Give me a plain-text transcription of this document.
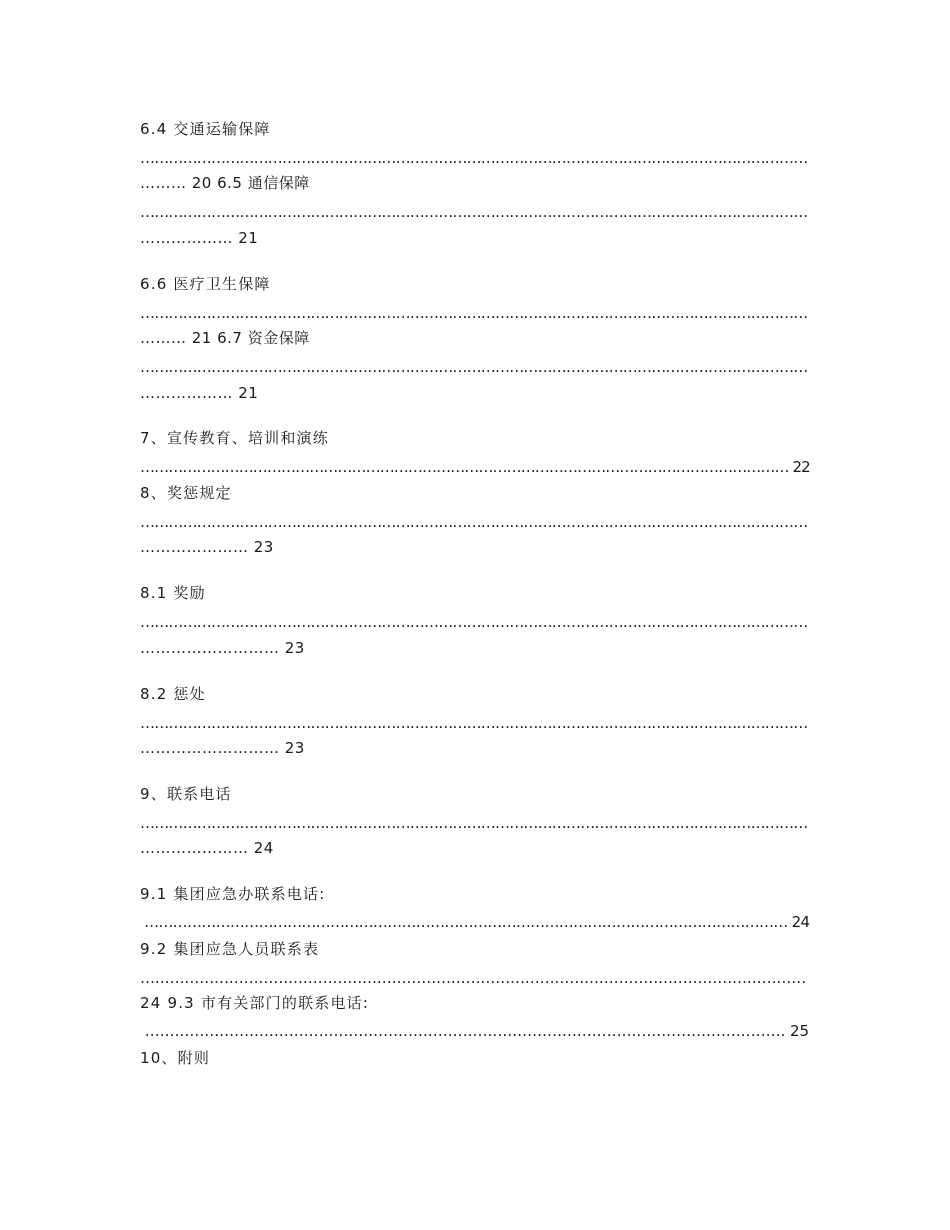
6.4 交通运输保障

……………………………………………………………………………………………………………………………

……… 20 6.5 通信保障

……………………………………………………………………………………………………………………………

……………… 21

6.6 医疗卫生保障

……………………………………………………………………………………………………………………………

……… 21 6.7 资金保障

……………………………………………………………………………………………………………………………

……………… 21

7、宣传教育、培训和演练

………………………………………………………………………………………………………………………… 22

8、奖惩规定

……………………………………………………………………………………………………………………………

………………… 23

8.1 奖励

……………………………………………………………………………………………………………………………

……………………… 23

8.2 惩处

……………………………………………………………………………………………………………………………

……………………… 23

9、联系电话

……………………………………………………………………………………………………………………………

………………… 24

9.1 集团应急办联系电话:

……………………………………………………………………………………………………………………… 24

9.2 集团应急人员联系表

………………………………………………………………………………………………………………………

24 9.3 市有关部门的联系电话:

………………………………………………………………………………………………………………… 25

10、附则
